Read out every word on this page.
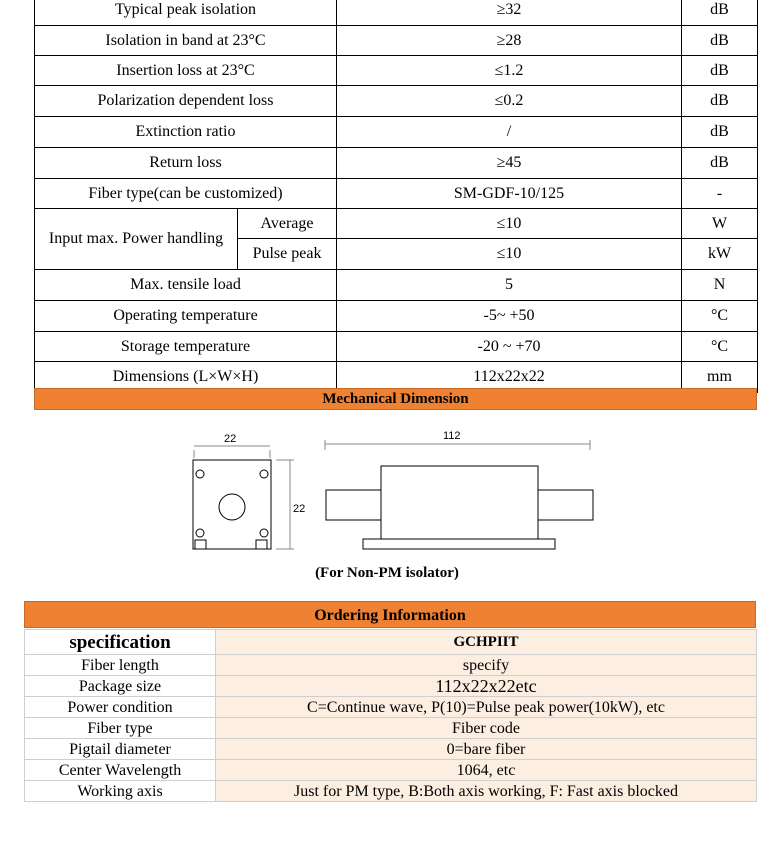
Typical peak isolation		≥32	dB
Isolation in band at 23°C		≥28	dB
Insertion loss at 23°C		≤1.2	dB
Polarization dependent loss		≤0.2	dB
Extinction ratio		/	dB
Return loss		≥45	dB
Fiber type(can be customized)		SM-GDF-10/125	-
Input max. Power handling	Average	≤10	W
	Pulse peak	≤10	kW
Max. tensile load		5	N
Operating temperature		-5~ +50	°C
Storage temperature		-20 ~ +70	°C
Dimensions (L×W×H)		112x22x22	mm
Mechanical Dimension
22
22
112
(For Non-PM isolator)
Ordering Information
specification	GCHPIIT
Fiber length	specify
Package size	112x22x22etc
Power condition	C=Continue wave, P(10)=Pulse peak power(10kW), etc
Fiber type	Fiber code
Pigtail diameter	0=bare fiber
Center Wavelength	1064, etc
Working axis	Just for PM type, B:Both axis working, F: Fast axis blocked
